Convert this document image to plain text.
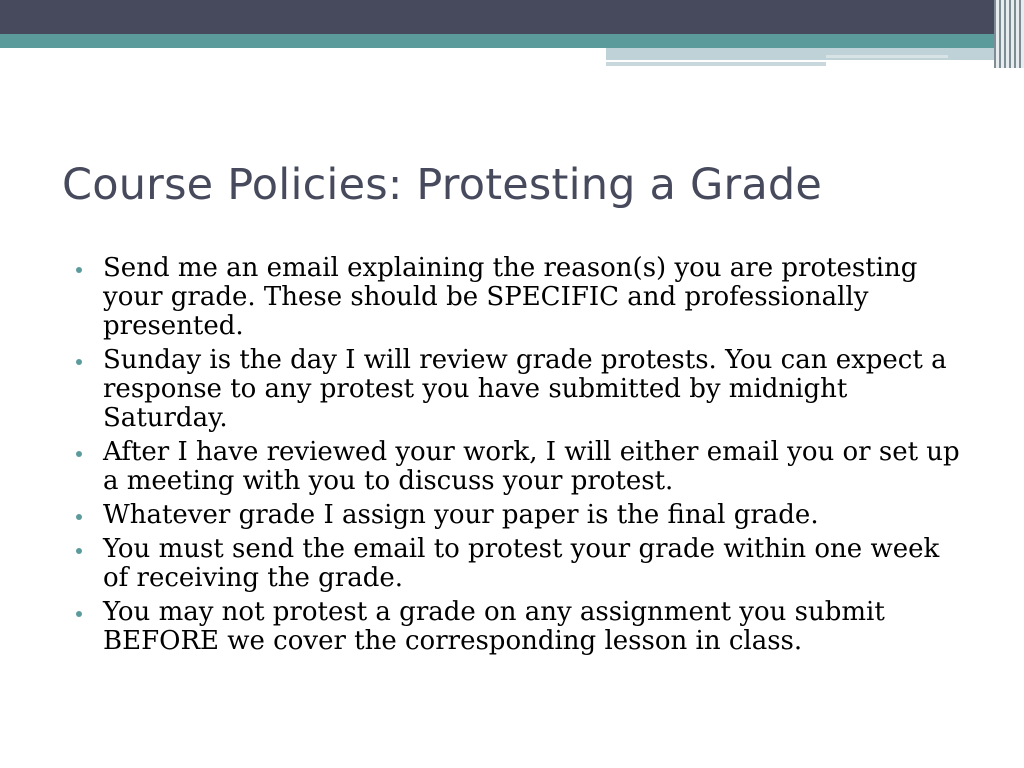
Course Policies: Protesting a Grade
Send me an email explaining the reason(s) you are protesting your grade. These should be SPECIFIC and professionally presented.
Sunday is the day I will review grade protests. You can expect a response to any protest you have submitted by midnight Saturday.
After I have reviewed your work, I will either email you or set up a meeting with you to discuss your protest.
Whatever grade I assign your paper is the final grade.
You must send the email to protest your grade within one week of receiving the grade.
You may not protest a grade on any assignment you submit BEFORE we cover the corresponding lesson in class.
